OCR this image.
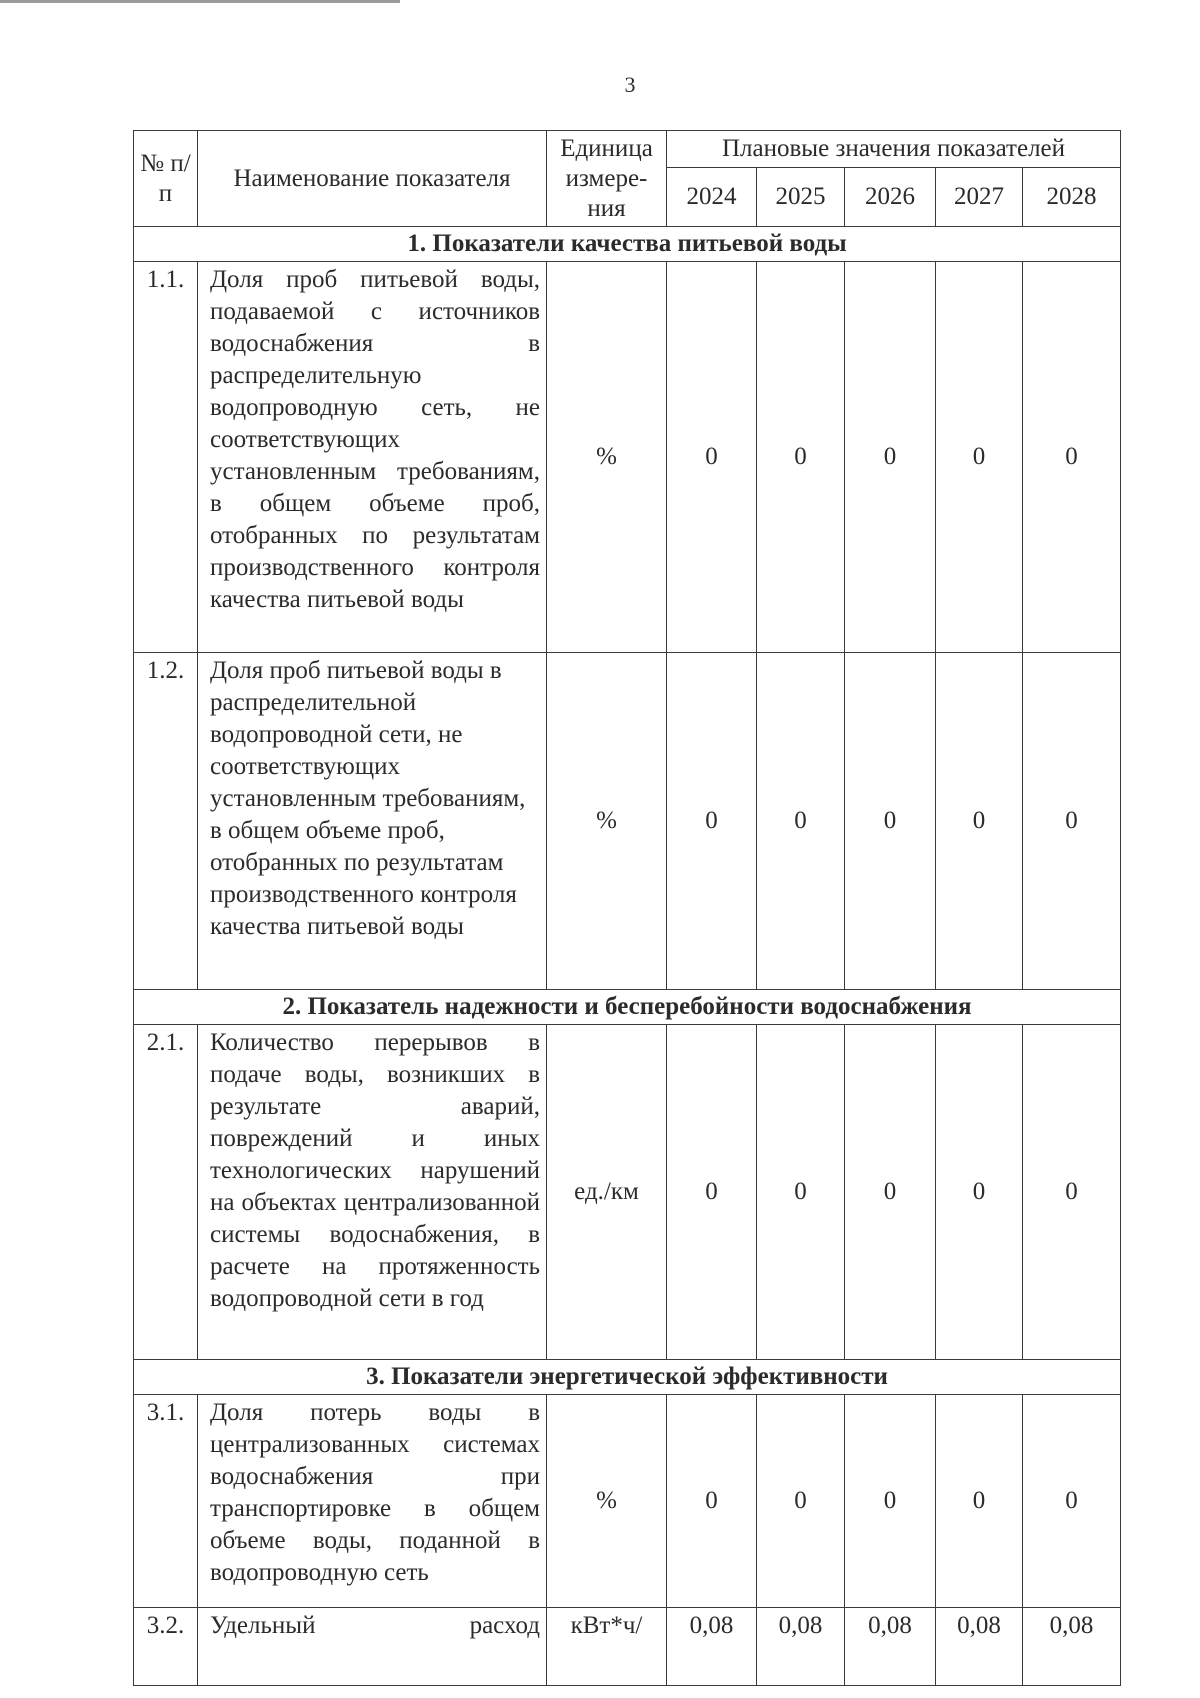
3
№ п/п	Наименование показателя	Единица измере-ния	Плановые значения показателей				
			2024	2025	2026	2027	2028
1. Показатели качества питьевой воды							
1.1.	Доля проб питьевой воды, подаваемой с источников водоснабжения в распределительную водопроводную сеть, не соответствующих установленным требованиям, в общем объеме проб, отобранных по результатам производственного контроля качества питьевой воды	%	0	0	0	0	0
1.2.	Доля проб питьевой воды в распределительной водопроводной сети, не соответствующих установленным требованиям, в общем объеме проб, отобранных по результатам производственного контроля качества питьевой воды	%	0	0	0	0	0
2. Показатель надежности и бесперебойности водоснабжения							
2.1.	Количество перерывов в подаче воды, возникших в результате аварий, повреждений и иных технологических нарушений на объектах централизованной системы водоснабжения, в расчете на протяженность водопроводной сети в год	ед./км	0	0	0	0	0
3. Показатели энергетической эффективности							
3.1.	Доля потерь воды в централизованных системах водоснабжения при транспортировке в общем объеме воды, поданной в водопроводную сеть	%	0	0	0	0	0
3.2.	Удельный расход	кВт*ч/	0,08	0,08	0,08	0,08	0,08
